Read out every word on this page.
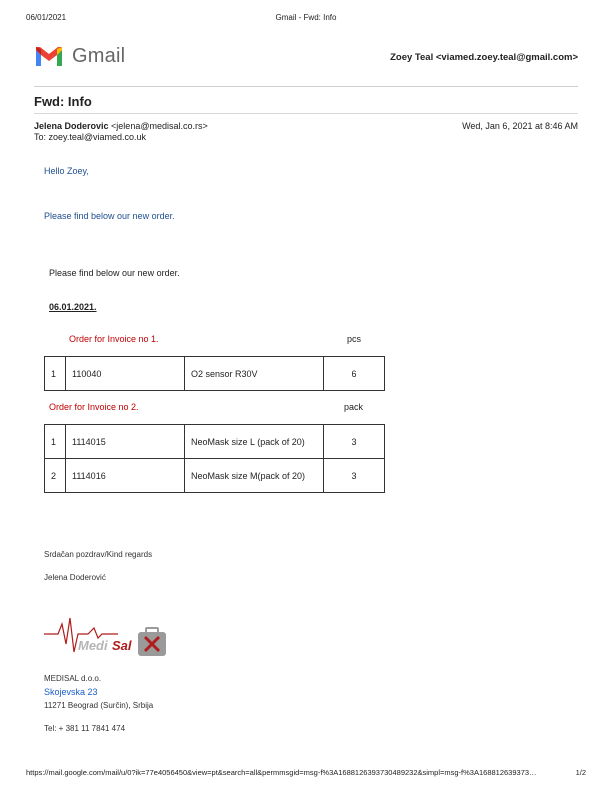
06/01/2021	Gmail - Fwd: Info
Gmail	Zoey Teal <viamed.zoey.teal@gmail.com>
Fwd: Info
Jelena Doderovic <jelena@medisal.co.rs>
To: zoey.teal@viamed.co.uk
Wed, Jan 6, 2021 at 8:46 AM
Hello Zoey,
Please find below our new order.
Please find below our new order.
06.01.2021.
Order for Invoice no 1.	pcs
1	110040	O2 sensor R30V	6
Order for Invoice no 2.	pack
1	1114015	NeoMask size L (pack of 20)	3
2	1114016	NeoMask size M(pack of 20)	3
Srdačan pozdrav/Kind regards
Jelena Doderović
Medi Sal
MEDISAL d.o.o.
Skojevska 23
11271 Beograd (Surčin), Srbija
Tel: + 381 11 7841 474
https://mail.google.com/mail/u/0?ik=77e4056450&view=pt&search=all&permmsgid=msg-f%3A1688126393730489232&simpl=msg-f%3A168812639373…	1/2
